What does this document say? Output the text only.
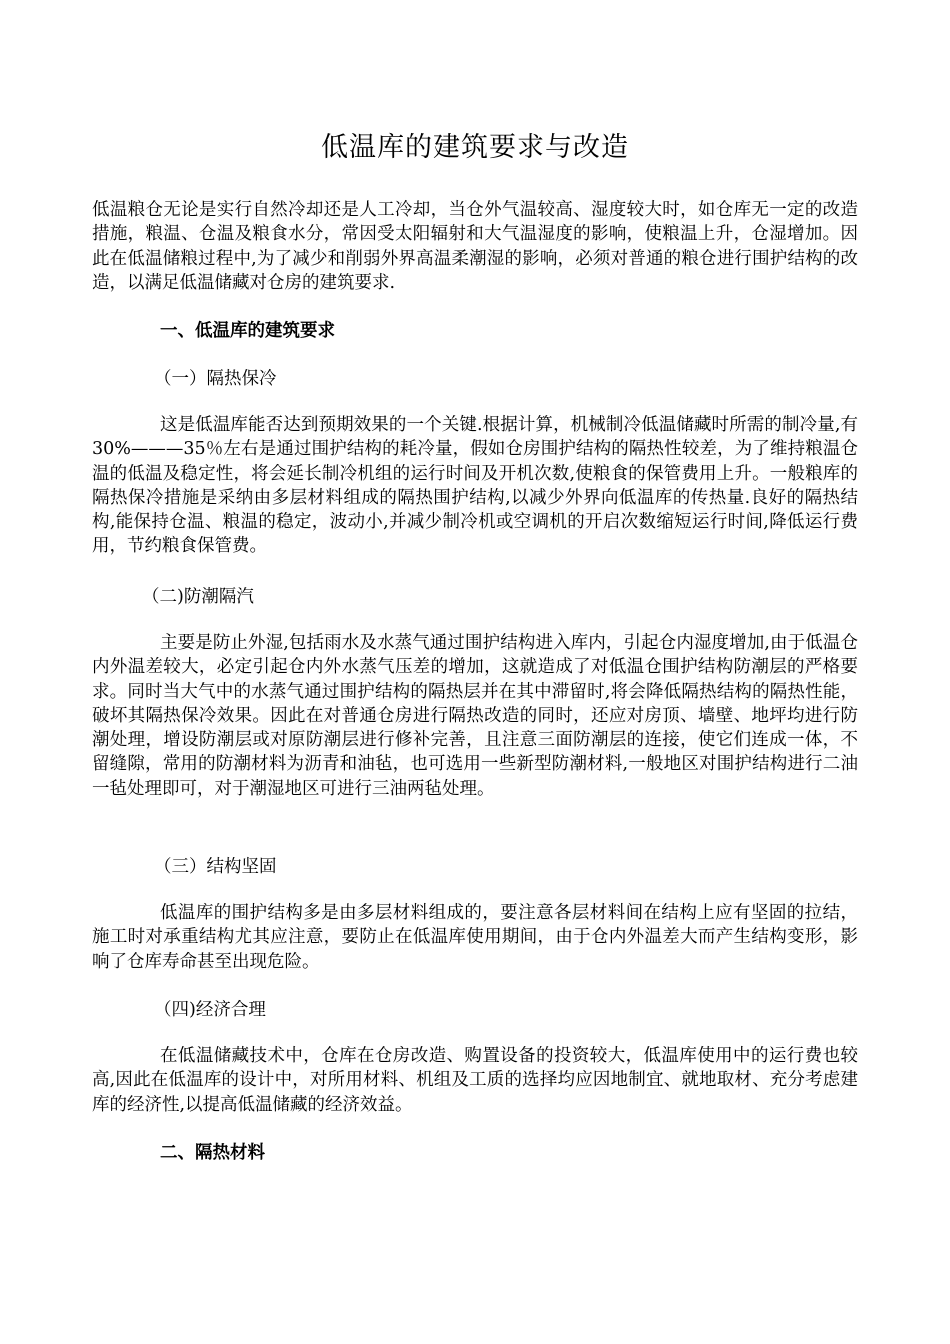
低温库的建筑要求与改造

低温粮仓无论是实行自然冷却还是人工冷却，当仓外气温较高、湿度较大时，如仓库无一定的改造措施，粮温、仓温及粮食水分，常因受太阳辐射和大气温湿度的影响，使粮温上升，仓湿增加。因此在低温储粮过程中,为了减少和削弱外界高温柔潮湿的影响，必须对普通的粮仓进行围护结构的改造，以满足低温储藏对仓房的建筑要求.

一、低温库的建筑要求

（一）隔热保冷

这是低温库能否达到预期效果的一个关键.根据计算，机械制冷低温储藏时所需的制冷量,有30%———35％左右是通过围护结构的耗冷量，假如仓房围护结构的隔热性较差，为了维持粮温仓温的低温及稳定性，将会延长制冷机组的运行时间及开机次数,使粮食的保管费用上升。一般粮库的隔热保冷措施是采纳由多层材料组成的隔热围护结构,以减少外界向低温库的传热量.良好的隔热结构,能保持仓温、粮温的稳定，波动小,并减少制冷机或空调机的开启次数缩短运行时间,降低运行费用，节约粮食保管费。

（二)防潮隔汽

主要是防止外湿,包括雨水及水蒸气通过围护结构进入库内，引起仓内湿度增加,由于低温仓内外温差较大，必定引起仓内外水蒸气压差的增加，这就造成了对低温仓围护结构防潮层的严格要求。同时当大气中的水蒸气通过围护结构的隔热层并在其中滞留时,将会降低隔热结构的隔热性能，破坏其隔热保冷效果。因此在对普通仓房进行隔热改造的同时，还应对房顶、墙壁、地坪均进行防潮处理，增设防潮层或对原防潮层进行修补完善，且注意三面防潮层的连接，使它们连成一体，不留缝隙，常用的防潮材料为沥青和油毡，也可选用一些新型防潮材料,一般地区对围护结构进行二油一毡处理即可，对于潮湿地区可进行三油两毡处理。

（三）结构坚固

低温库的围护结构多是由多层材料组成的，要注意各层材料间在结构上应有坚固的拉结，施工时对承重结构尤其应注意，要防止在低温库使用期间，由于仓内外温差大而产生结构变形，影响了仓库寿命甚至出现危险。

（四)经济合理

在低温储藏技术中，仓库在仓房改造、购置设备的投资较大，低温库使用中的运行费也较高,因此在低温库的设计中，对所用材料、机组及工质的选择均应因地制宜、就地取材、充分考虑建库的经济性,以提高低温储藏的经济效益。

二、隔热材料
